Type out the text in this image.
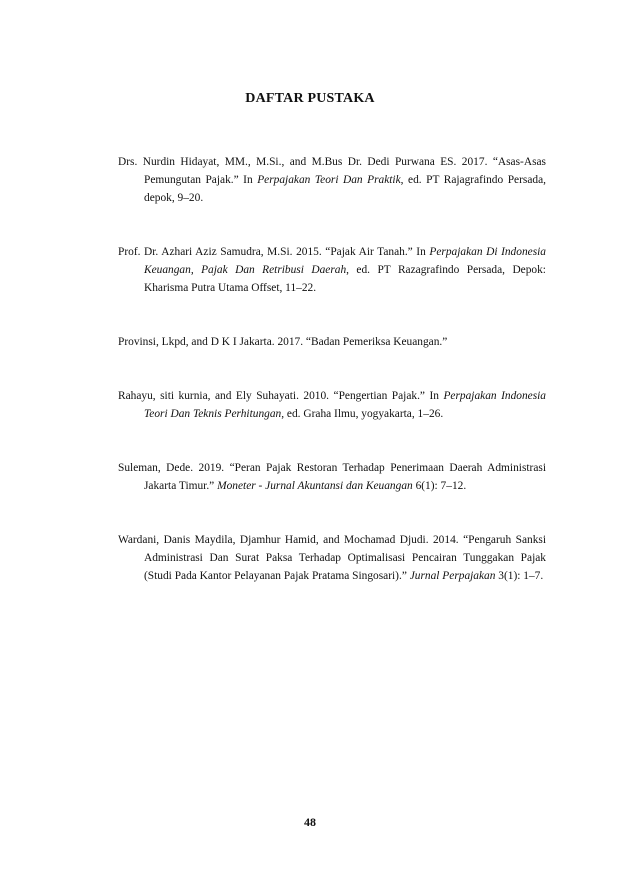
DAFTAR PUSTAKA

Drs. Nurdin Hidayat, MM., M.Si., and M.Bus Dr. Dedi Purwana ES. 2017. “Asas-Asas Pemungutan Pajak.” In Perpajakan Teori Dan Praktik, ed. PT Rajagrafindo Persada, depok, 9–20.

Prof. Dr. Azhari Aziz Samudra, M.Si. 2015. “Pajak Air Tanah.” In Perpajakan Di Indonesia Keuangan, Pajak Dan Retribusi Daerah, ed. PT Razagrafindo Persada, Depok: Kharisma Putra Utama Offset, 11–22.

Provinsi, Lkpd, and D K I Jakarta. 2017. “Badan Pemeriksa Keuangan.”

Rahayu, siti kurnia, and Ely Suhayati. 2010. “Pengertian Pajak.” In Perpajakan Indonesia Teori Dan Teknis Perhitungan, ed. Graha Ilmu, yogyakarta, 1–26.

Suleman, Dede. 2019. “Peran Pajak Restoran Terhadap Penerimaan Daerah Administrasi Jakarta Timur.” Moneter - Jurnal Akuntansi dan Keuangan 6(1): 7–12.

Wardani, Danis Maydila, Djamhur Hamid, and Mochamad Djudi. 2014. “Pengaruh Sanksi Administrasi Dan Surat Paksa Terhadap Optimalisasi Pencairan Tunggakan Pajak (Studi Pada Kantor Pelayanan Pajak Pratama Singosari).” Jurnal Perpajakan 3(1): 1–7.

48
